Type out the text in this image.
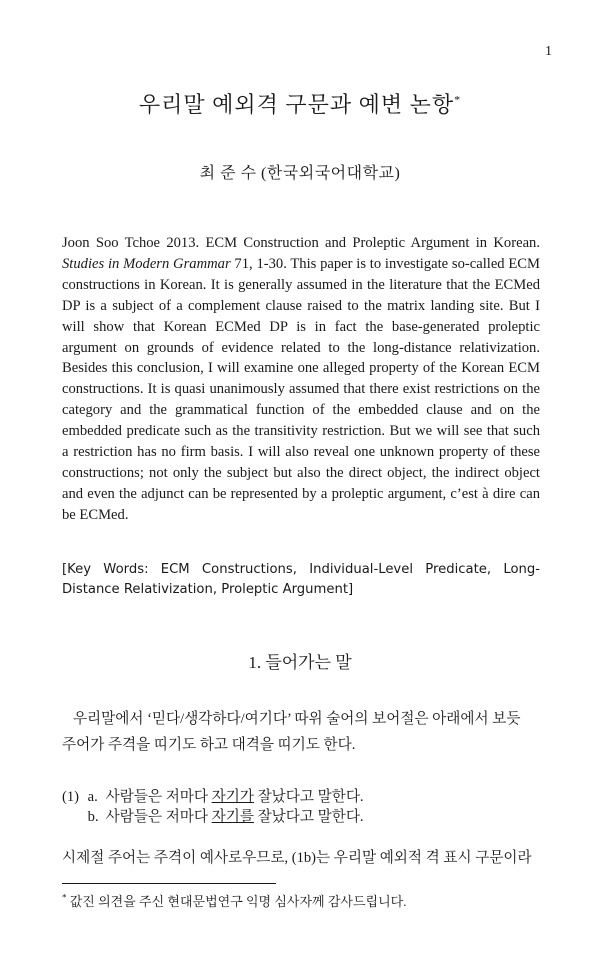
1
우리말 예외격 구문과 예변 논항*
최 준 수 (한국외국어대학교)
Joon Soo Tchoe 2013. ECM Construction and Proleptic Argument in Korean. Studies in Modern Grammar 71, 1-30. This paper is to investigate so-called ECM constructions in Korean. It is generally assumed in the literature that the ECMed DP is a subject of a complement clause raised to the matrix landing site. But I will show that Korean ECMed DP is in fact the base-generated proleptic argument on grounds of evidence related to the long-distance relativization. Besides this conclusion, I will examine one alleged property of the Korean ECM constructions. It is quasi unanimously assumed that there exist restrictions on the category and the grammatical function of the embedded clause and on the embedded predicate such as the transitivity restriction. But we will see that such a restriction has no firm basis. I will also reveal one unknown property of these constructions; not only the subject but also the direct object, the indirect object and even the adjunct can be represented by a proleptic argument, c’est à dire can be ECMed.
[Key Words: ECM Constructions, Individual-Level Predicate, Long-Distance Relativization, Proleptic Argument]
1. 들어가는 말
우리말에서 ‘믿다/생각하다/여기다’ 따위 술어의 보어절은 아래에서 보듯
주어가 주격을 띠기도 하고 대격을 띠기도 한다.
(1) a. 사람들은 저마다 자기가 잘났다고 말한다.
b. 사람들은 저마다 자기를 잘났다고 말한다.
시제절 주어는 주격이 예사로우므로, (1b)는 우리말 예외적 격 표시 구문이라
* 값진 의견을 주신 현대문법연구 익명 심사자께 감사드립니다.
